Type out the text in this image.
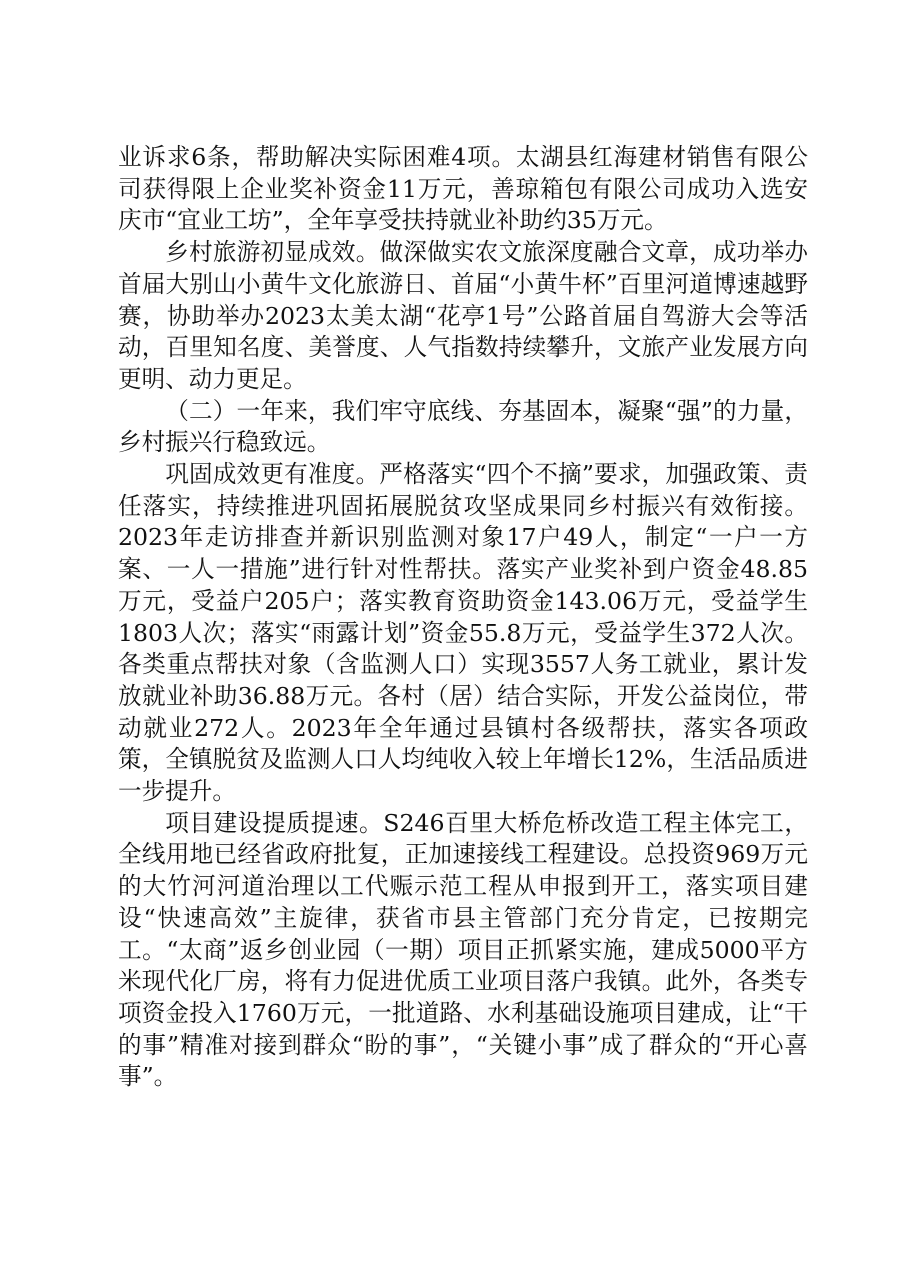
业诉求6条，帮助解决实际困难4项。太湖县红海建材销售有限公司获得限上企业奖补资金11万元，善琼箱包有限公司成功入选安庆市“宜业工坊”，全年享受扶持就业补助约35万元。

乡村旅游初显成效。做深做实农文旅深度融合文章，成功举办首届大别山小黄牛文化旅游日、首届“小黄牛杯”百里河道博速越野赛，协助举办2023太美太湖“花亭1号”公路首届自驾游大会等活动，百里知名度、美誉度、人气指数持续攀升，文旅产业发展方向更明、动力更足。

（二）一年来，我们牢守底线、夯基固本，凝聚“强”的力量，乡村振兴行稳致远。

巩固成效更有准度。严格落实“四个不摘”要求，加强政策、责任落实，持续推进巩固拓展脱贫攻坚成果同乡村振兴有效衔接。2023年走访排查并新识别监测对象17户49人，制定“一户一方案、一人一措施”进行针对性帮扶。落实产业奖补到户资金48.85万元，受益户205户；落实教育资助资金143.06万元，受益学生1803人次；落实“雨露计划”资金55.8万元，受益学生372人次。各类重点帮扶对象（含监测人口）实现3557人务工就业，累计发放就业补助36.88万元。各村（居）结合实际，开发公益岗位，带动就业272人。2023年全年通过县镇村各级帮扶，落实各项政策，全镇脱贫及监测人口人均纯收入较上年增长12%，生活品质进一步提升。

项目建设提质提速。S246百里大桥危桥改造工程主体完工，全线用地已经省政府批复，正加速接线工程建设。总投资969万元的大竹河河道治理以工代赈示范工程从申报到开工，落实项目建设“快速高效”主旋律，获省市县主管部门充分肯定，已按期完工。“太商”返乡创业园（一期）项目正抓紧实施，建成5000平方米现代化厂房，将有力促进优质工业项目落户我镇。此外，各类专项资金投入1760万元，一批道路、水利基础设施项目建成，让“干的事”精准对接到群众“盼的事”，“关键小事”成了群众的“开心喜事”。
